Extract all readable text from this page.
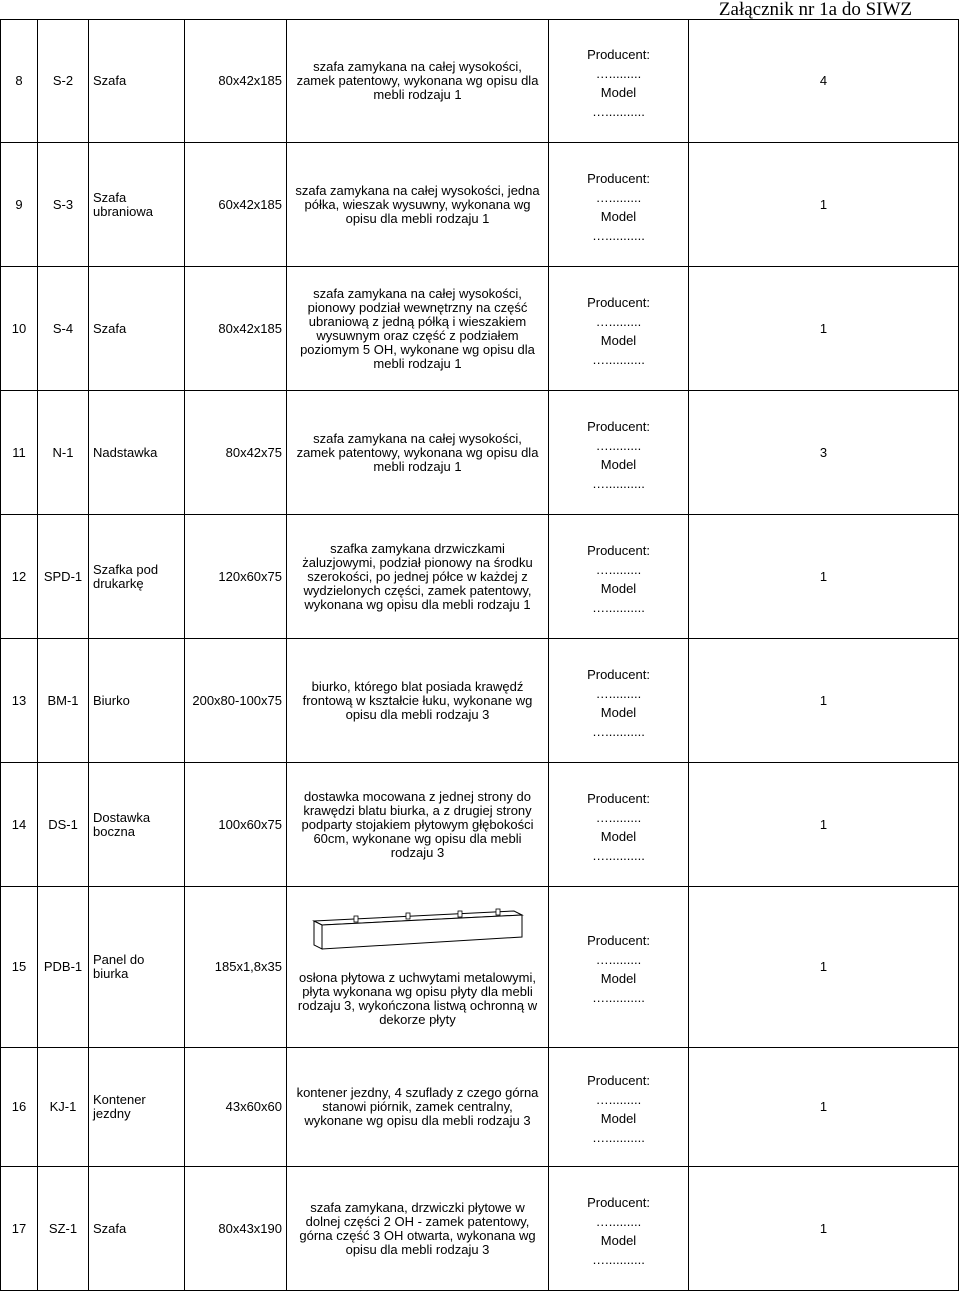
Załącznik nr 1a do SIWZ
8	S-2	Szafa	80x42x185	szafa zamykana na całej wysokości, zamek patentowy, wykonana wg opisu dla mebli rodzaju 1	Producent:
….........
Model
…...........	4
9	S-3	Szafa ubraniowa	60x42x185	szafa zamykana na całej wysokości, jedna półka, wieszak wysuwny, wykonana wg opisu dla mebli rodzaju 1	Producent:
….........
Model
…...........	1
10	S-4	Szafa	80x42x185	szafa zamykana na całej wysokości, pionowy podział wewnętrzny na część ubraniową z jedną półką i wieszakiem wysuwnym oraz część z podziałem poziomym 5 OH, wykonane wg opisu dla mebli rodzaju 1	Producent:
….........
Model
…...........	1
11	N-1	Nadstawka	80x42x75	szafa zamykana na całej wysokości, zamek patentowy, wykonana wg opisu dla mebli rodzaju 1	Producent:
….........
Model
…...........	3
12	SPD-1	Szafka pod drukarkę	120x60x75	szafka zamykana drzwiczkami żaluzjowymi, podział pionowy na środku szerokości, po jednej półce w każdej z wydzielonych części, zamek patentowy, wykonana wg opisu dla mebli rodzaju 1	Producent:
….........
Model
…...........	1
13	BM-1	Biurko	200x80-100x75	biurko, którego blat posiada krawędź frontową w kształcie łuku, wykonane wg opisu dla mebli rodzaju 3	Producent:
….........
Model
…...........	1
14	DS-1	Dostawka boczna	100x60x75	dostawka mocowana z jednej strony do krawędzi blatu biurka, a z drugiej strony podparty stojakiem płytowym głębokości 60cm, wykonane wg opisu dla mebli rodzaju 3	Producent:
….........
Model
…...........	1
15	PDB-1	Panel do biurka	185x1,8x35	osłona płytowa z uchwytami metalowymi, płyta wykonana wg opisu płyty dla mebli rodzaju 3, wykończona listwą ochronną w dekorze płyty	Producent:
….........
Model
…...........	1
16	KJ-1	Kontener jezdny	43x60x60	kontener jezdny, 4 szuflady z czego górna stanowi piórnik, zamek centralny, wykonane wg opisu dla mebli rodzaju 3	Producent:
….........
Model
…...........	1
17	SZ-1	Szafa	80x43x190	szafa zamykana, drzwiczki płytowe w dolnej części 2 OH - zamek patentowy, górna część 3 OH otwarta, wykonana wg opisu dla mebli rodzaju 3	Producent:
….........
Model
…...........	1
